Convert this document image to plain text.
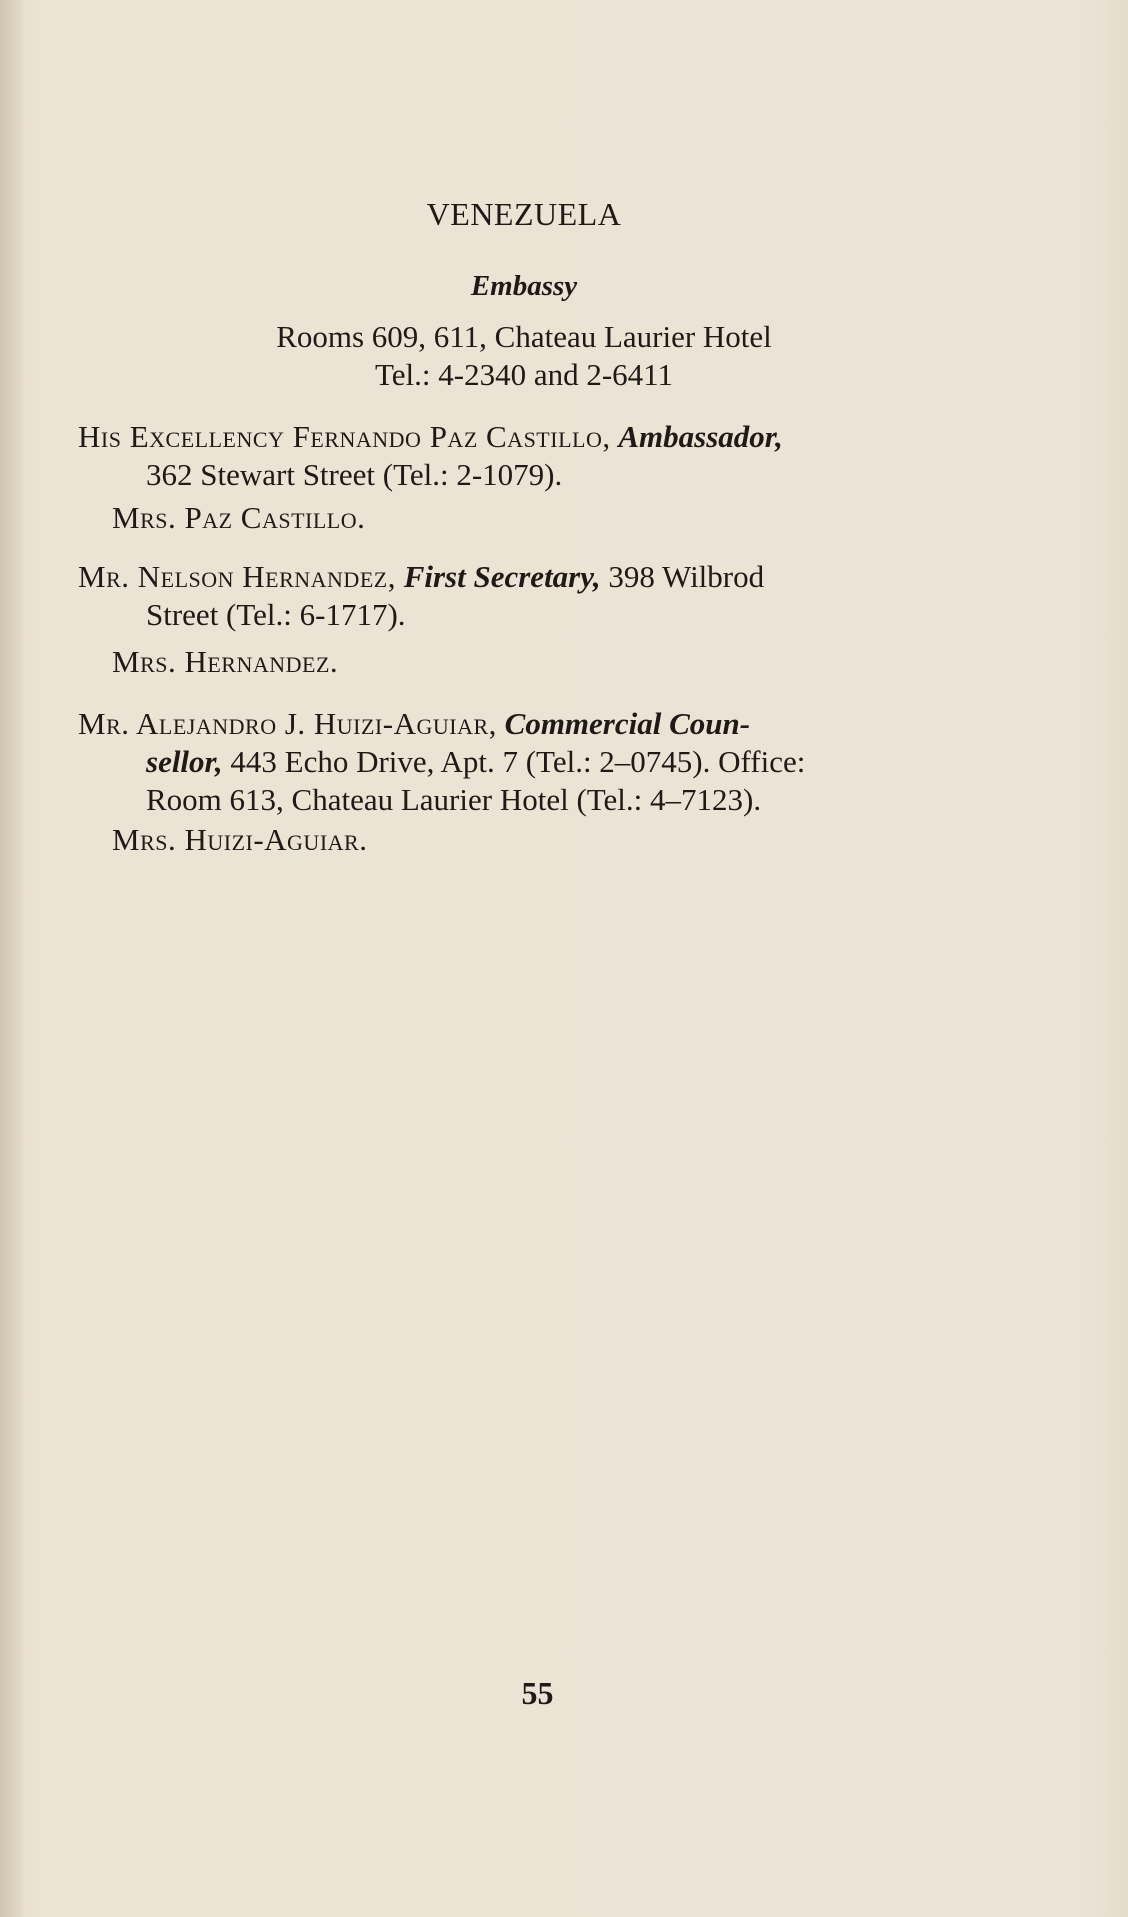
VENEZUELA
Embassy
Rooms 609, 611, Chateau Laurier Hotel
Tel.: 4-2340 and 2-6411
His Excellency Fernando Paz Castillo, Ambassador,
362 Stewart Street (Tel.: 2-1079).
Mrs. Paz Castillo.
Mr. Nelson Hernandez, First Secretary, 398 Wilbrod
Street (Tel.: 6-1717).
Mrs. Hernandez.
Mr. Alejandro J. Huizi-Aguiar, Commercial Coun-
sellor, 443 Echo Drive, Apt. 7 (Tel.: 2–0745). Office:
Room 613, Chateau Laurier Hotel (Tel.: 4–7123).
Mrs. Huizi-Aguiar.
55
